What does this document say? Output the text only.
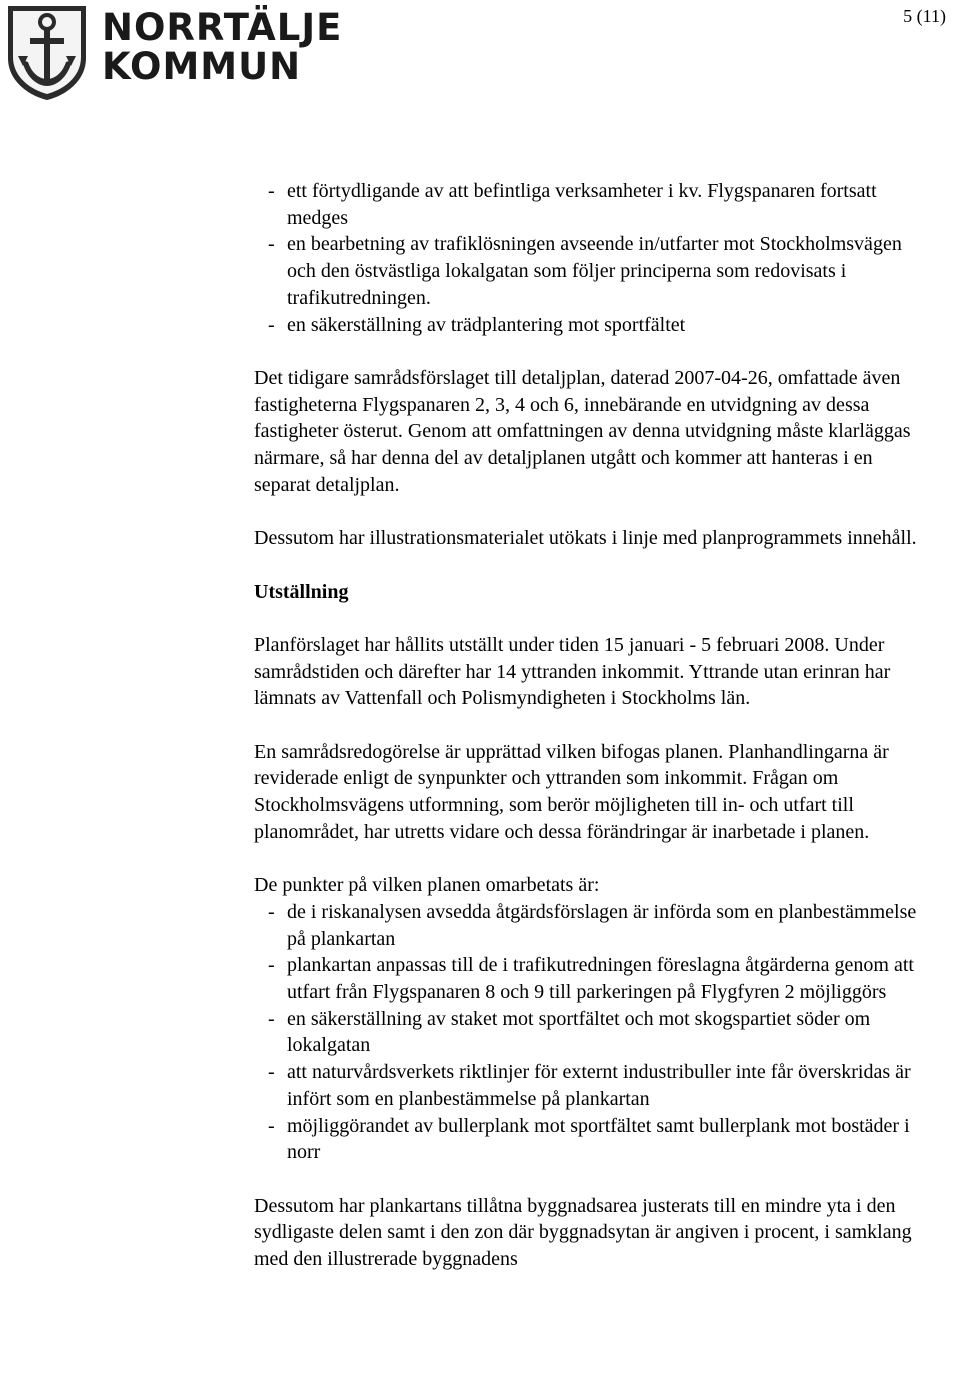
NORRTÄLJE
KOMMUN
5 (11)
- ett förtydligande av att befintliga verksamheter i kv. Flygspanaren fortsatt medges
- en bearbetning av trafiklösningen avseende in/utfarter mot Stockholmsvägen och den östvästliga lokalgatan som följer principerna som redovisats i trafikutredningen.
- en säkerställning av trädplantering mot sportfältet

Det tidigare samrådsförslaget till detaljplan, daterad 2007-04-26, omfattade även fastigheterna Flygspanaren 2, 3, 4 och 6, innebärande en utvidgning av dessa fastigheter österut. Genom att omfattningen av denna utvidgning måste klarläggas närmare, så har denna del av detaljplanen utgått och kommer att hanteras i en separat detaljplan.

Dessutom har illustrationsmaterialet utökats i linje med planprogrammets innehåll.

Utställning

Planförslaget har hållits utställt under tiden 15 januari - 5 februari 2008. Under samrådstiden och därefter har 14 yttranden inkommit. Yttrande utan erinran har lämnats av Vattenfall och Polismyndigheten i Stockholms län.

En samrådsredogörelse är upprättad vilken bifogas planen. Planhandlingarna är reviderade enligt de synpunkter och yttranden som inkommit. Frågan om Stockholmsvägens utformning, som berör möjligheten till in- och utfart till planområdet, har utretts vidare och dessa förändringar är inarbetade i planen.

De punkter på vilken planen omarbetats är:

- de i riskanalysen avsedda åtgärdsförslagen är införda som en planbestämmelse på plankartan
- plankartan anpassas till de i trafikutredningen föreslagna åtgärderna genom att utfart från Flygspanaren 8 och 9 till parkeringen på Flygfyren 2 möjliggörs
- en säkerställning av staket mot sportfältet och mot skogspartiet söder om lokalgatan
- att naturvårdsverkets riktlinjer för externt industribuller inte får överskridas är infört som en planbestämmelse på plankartan
- möjliggörandet av bullerplank mot sportfältet samt bullerplank mot bostäder i norr

Dessutom har plankartans tillåtna byggnadsarea justerats till en mindre yta i den sydligaste delen samt i den zon där byggnadsytan är angiven i procent, i samklang med den illustrerade byggnadens
